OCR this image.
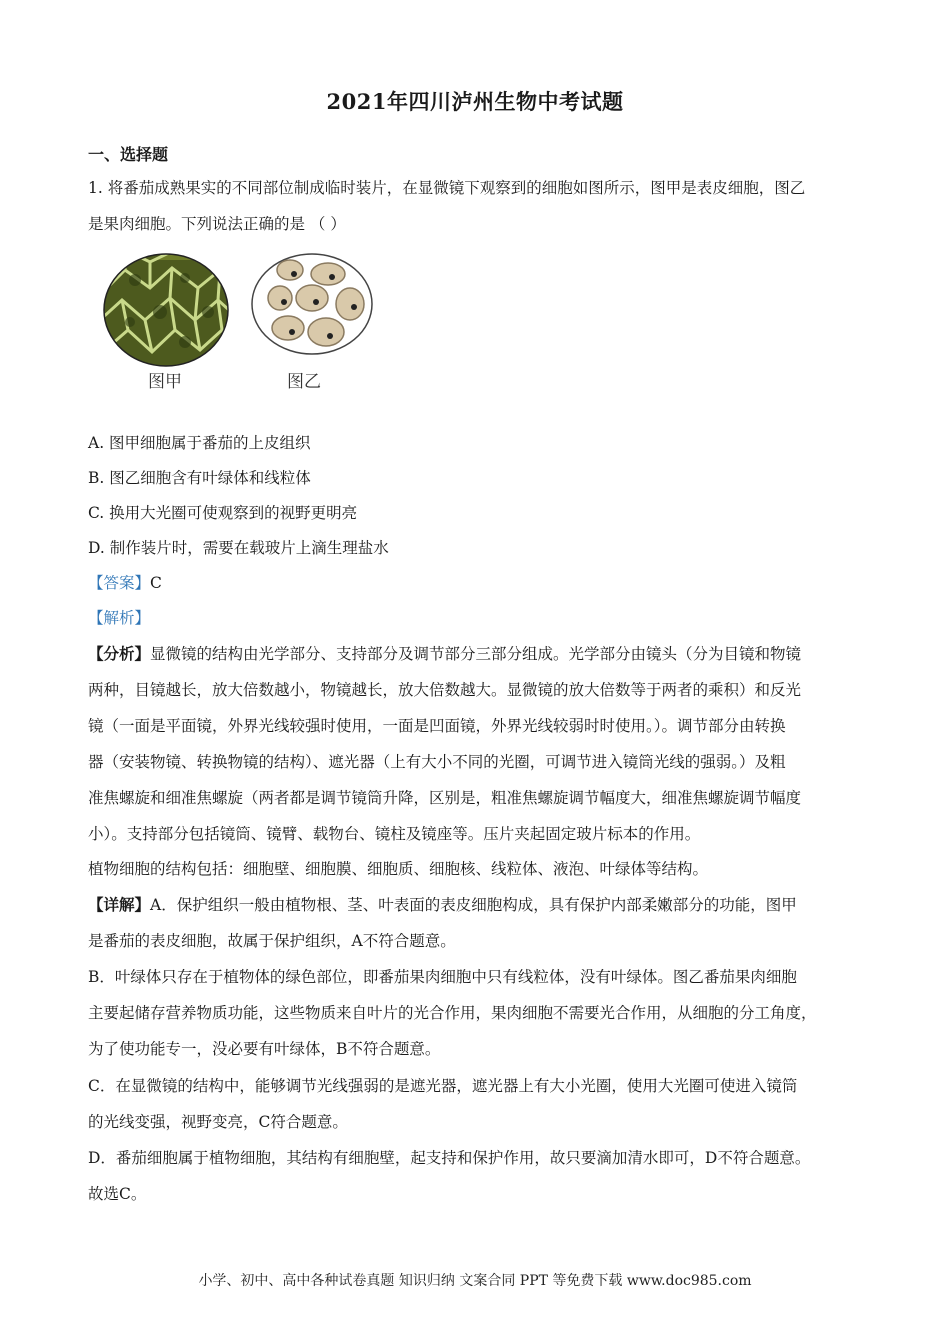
2021年四川泸州生物中考试题
一、选择题
1. 将番茄成熟果实的不同部位制成临时装片，在显微镜下观察到的细胞如图所示，图甲是表皮细胞，图乙
是果肉细胞。下列说法正确的是 （ ）
图甲	图乙
A. 图甲细胞属于番茄的上皮组织
B. 图乙细胞含有叶绿体和线粒体
C. 换用大光圈可使观察到的视野更明亮
D. 制作装片时，需要在载玻片上滴生理盐水
【答案】C
【解析】
【分析】显微镜的结构由光学部分、支持部分及调节部分三部分组成。光学部分由镜头（分为目镜和物镜
两种，目镜越长，放大倍数越小，物镜越长，放大倍数越大。显微镜的放大倍数等于两者的乘积）和反光
镜（一面是平面镜，外界光线较强时使用，一面是凹面镜，外界光线较弱时时使用。）。调节部分由转换
器（安装物镜、转换物镜的结构）、遮光器（上有大小不同的光圈，可调节进入镜筒光线的强弱。）及粗
准焦螺旋和细准焦螺旋（两者都是调节镜筒升降，区别是，粗准焦螺旋调节幅度大，细准焦螺旋调节幅度
小）。支持部分包括镜筒、镜臂、载物台、镜柱及镜座等。压片夹起固定玻片标本的作用。
植物细胞的结构包括：细胞壁、细胞膜、细胞质、细胞核、线粒体、液泡、叶绿体等结构。
【详解】A．保护组织一般由植物根、茎、叶表面的表皮细胞构成，具有保护内部柔嫩部分的功能，图甲
是番茄的表皮细胞，故属于保护组织，A不符合题意。
B．叶绿体只存在于植物体的绿色部位，即番茄果肉细胞中只有线粒体，没有叶绿体。图乙番茄果肉细胞
主要起储存营养物质功能，这些物质来自叶片的光合作用，果肉细胞不需要光合作用，从细胞的分工角度，
为了使功能专一，没必要有叶绿体，B不符合题意。
C．在显微镜的结构中，能够调节光线强弱的是遮光器，遮光器上有大小光圈，使用大光圈可使进入镜筒
的光线变强，视野变亮，C符合题意。
D．番茄细胞属于植物细胞，其结构有细胞壁，起支持和保护作用，故只要滴加清水即可，D不符合题意。
故选C。
小学、初中、高中各种试卷真题 知识归纳 文案合同 PPT 等免费下载 www.doc985.com
